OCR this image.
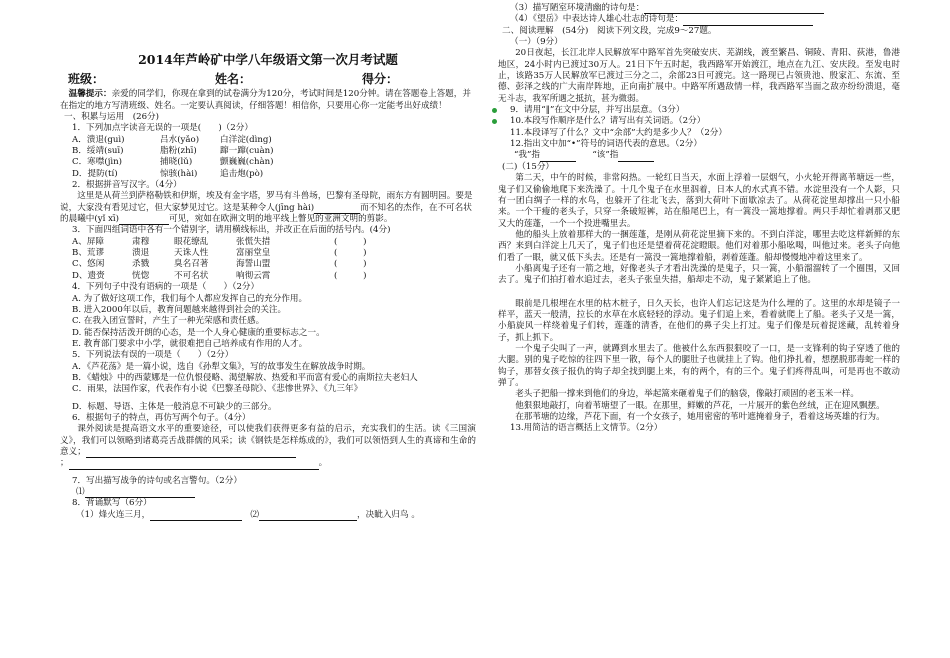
2014年芦岭矿中学八年级语文第一次月考试题
班级：	姓名：	得分：

温馨提示：亲爱的同学们，你现在拿到的试卷满分为120分，考试时间是120分钟。请在答题卷上答题，并在指定的地方写清班级、姓名。一定要认真阅读，仔细答题！相信你，只要用心你一定能考出好成绩！

一、积累与运用　(26分)

1．下列加点字读音无误的一项是(　　)（2分）

A．溃退(guì)	吕水(yǎo)	白洋淀(dìng)
B．绥靖(suī)	脂粉(zhī)	蹿一蹿(cuàn)
C．寒噤(jìn)	捕晓(lǔ)	颤巍巍(chàn)
D．提防(tí)	惊骇(hài)	追击炮(pò)

2．根据拼音写汉字。（4分）

这里是从荷兰到萨格勒铁和伊斯，埃及有金字塔，罗马有斗兽场，巴黎有圣母院，雨东方有圆明园。要是说，大家没有看见过它，但大家梦见过它。这是某种令人(jīng hài)	而不知名的杰作，在不可名状的晨曦中(yǐ xī)	可见，宛如在欧洲文明的地平线上瞥见的亚洲文明的剪影。

3．下面四组词语中各有一个错别字，请用横线标出，并改正在后面的括号内。(4分)

A、屏障	肃穆	眼花缭乱	张慌失措	(　　　)
B、荒谬	溃退	天诛人性	富丽堂皇	(　　　)
C、悠闲	杀戮	臭名召著	海誓山盟	(　　　)
D、遗赍	恍惚	不可名状	响彻云霄	(　　　)

4．下列句子中没有语病的一项是（　　）（2分）

A. 为了做好这项工作，我们每个人都应发挥自己的充分作用。

B. 进入2000年以后，教育问题越来越得到社会的关注。

C. 在我入团宣誓时，产生了一种光荣感和责任感。

D. 能否保持活泼开朗的心态，是一个人身心健康的重要标志之一。

E. 教育部门要求中小学，就很难把自己培养成有作用的人才。

5．下列说法有误的一项是（　　）（2分）

A．《芦花荡》是一篇小说，选自《孙犁文集》，写的故事发生在解放战争时期。

B．《蜡烛》中的西蒙娜是一位仇恨侵略、渴望解放、热爱和平而富有爱心的南斯拉夫老妇人

C．雨果，法国作家，代表作有小说《巴黎圣母院》、《悲惨世界》、《九三年》

D．标题、导语、主体是一般消息不可缺少的三部分。

6．根据句子的特点，再仿写两个句子。（4分）

课外阅读是提高语文水平的重要途径，可以使我们获得更多有益的启示，充实我们的生活。读《三国演义》，我们可以领略到诸葛亮舌战群儒的风采；读《钢铁是怎样炼成的》，我们可以领悟到人生的真谛和生命的意义；

；	。

7．写出描写战争的诗句或名言警句。（2分）

⑴

8．背诵默写（6分）

（1）烽火连三月，	⑵	，决眦入归鸟 。

（3）描写陋室环境清幽的诗句是：

（4）《望岳》中表达诗人雄心壮志的诗句是：

二、阅读理解　(54分)　阅读下列文段，完成9～27题。

（一）（9分）

20日夜起，长江北岸人民解放军中路军首先突破安庆、芜湖线，渡至繁昌、铜陵、青阳、荻港，鲁港地区，24小时内已渡过30万人。21日下午五时起，我西路军开始渡江，地点在九江、安庆段。至发电时止，该路35万人民解放军已渡过三分之二，余部23日可渡完。这一路现已占领贵池、殷家汇、东流、至德、彭泽之线的广大南岸阵地，正向南扩展中。中路军所遇敌情一样，我西路军当面之敌亦纷纷溃退，毫无斗志，我军所遇之抵抗，甚为微弱。

9．请用“‖”在文中分层，并写出层意。（3分）

10.本段写作顺序是什么？请写出有关词语。（2分）

11.本段译写了什么？文中“余部”大约是多少人？（2分）

12.指出文中加“•”符号的词语代表的意思。（2分）

“我”指	“该”指

(二)（15分）

第二天，中午的时候，非常闷热。一轮红日当天，水面上浮着一层烟气，小火轮开得离苇塘远一些，鬼子们又偷偷地爬下来洗澡了。十几个鬼子在水里泅着，日本人的水式真不错。水淀里没有一个人影，只有一团白绸子一样的水鸟，也躲开了往北飞去，落到大荷叶下面歇凉去了。从荷花淀里却撑出一只小船来。一个干瘦的老头子，只穿一条破短裤，站在船尾巴上，有一篙没一篙地撑着。两只手却忙着剥那又肥又大的莲蓬，一个一个投进嘴里去。

他的船头上放着那样大的一捆莲蓬，是刚从荷花淀里摘下来的。不到白洋淀，哪里去吃这样新鲜的东西？来到白洋淀上几天了，鬼子们也还是望着荷花淀瞪眼。他们对着那小船吆喝，叫他过来。老头子向他们看了一眼，就又低下头去。还是有一篙没一篙地撑着船，剥着莲蓬。船却慢慢地冲着这里来了。

小船离鬼子还有一箭之地，好像老头子才看出洗澡的是鬼子，只一篙，小船溜溜转了一个圈围，又回去了。鬼子们拍打着水追过去，老头子张皇失措，船却走不动，鬼子紧紧追上了他。

眼前是几根埋在水里的枯木桩子，日久天长，也许人们忘记这是为什么埋的了。这里的水却是镜子一样平，蓝天一般清，拉长的水草在水底轻轻的浮动。鬼子们追上来，看着就爬上了船。老头子又是一篙，小船旋风一样绕着鬼子们转，莲蓬的清香，在他们的鼻子尖上打过。鬼子们像是玩着捉迷藏，乱转着身子，抓上抓下。

一个鬼子尖叫了一声，就蹲到水里去了。他被什么东西狠狠咬了一口，是一支锋利的钩子穿透了他的大腿。别的鬼子吃惊的往四下里一散，每个人的腿肚子也就挂上了钩。他们挣扎着，想摆脱那毒蛇一样的钩子，那替女孩子报仇的钩子却全找到腿上来，有的两个，有的三个。鬼子们疼得乱叫，可是再也不敢动弹了。

老头子把船一撑来到他们的身边，举起篙来砸着鬼子们的脑袋，像敲打顽固的老玉米一样。

他狠狠地敲打，向着苇塘望了一眼。在那里，鲜嫩的芦花，一片展开的紫色丝绒，正在迎风飘摆。

在那苇塘的边缘，芦花下面，有一个女孩子，她用密密的苇叶遮掩着身子，看着这场英雄的行为。

13.用简洁的语言概括上文情节。（2分）
